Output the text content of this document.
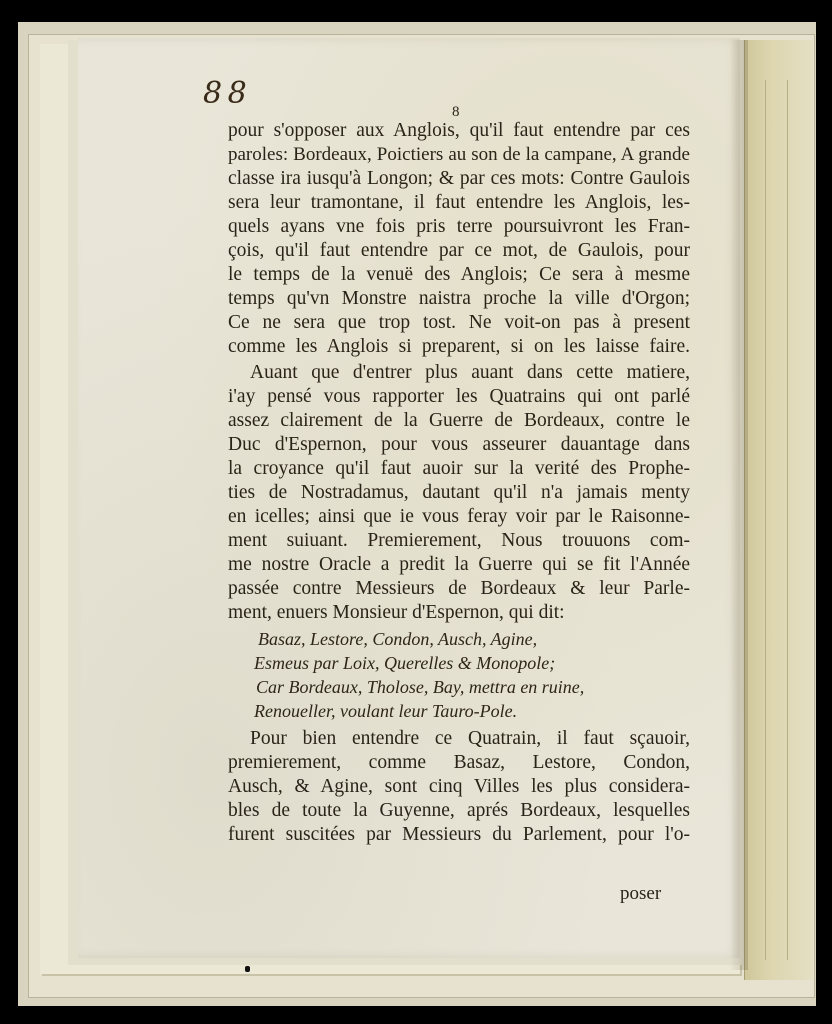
8 8
8
pour s'opposer aux Anglois, qu'il faut entendre par ces
paroles: Bordeaux, Poictiers au son de la campane, A grande
classe ira iusqu'à Longon; & par ces mots: Contre Gaulois
sera leur tramontane, il faut entendre les Anglois, les-
quels ayans vne fois pris terre poursuivront les Fran-
çois, qu'il faut entendre par ce mot, de Gaulois, pour
le temps de la venuë des Anglois; Ce sera à mesme
temps qu'vn Monstre naistra proche la ville d'Orgon;
Ce ne sera que trop tost. Ne voit-on pas à present
comme les Anglois si preparent, si on les laisse faire.
Auant que d'entrer plus auant dans cette matiere,
i'ay pensé vous rapporter les Quatrains qui ont parlé
assez clairement de la Guerre de Bordeaux, contre le
Duc d'Espernon, pour vous asseurer dauantage dans
la croyance qu'il faut auoir sur la verité des Prophe-
ties de Nostradamus, dautant qu'il n'a jamais menty
en icelles; ainsi que ie vous feray voir par le Raisonne-
ment suiuant. Premierement, Nous trouuons com-
me nostre Oracle a predit la Guerre qui se fit l'Année
passée contre Messieurs de Bordeaux & leur Parle-
ment, enuers Monsieur d'Espernon, qui dit:
Basaz, Lestore, Condon, Ausch, Agine,
Esmeus par Loix, Querelles & Monopole;
Car Bordeaux, Tholose, Bay, mettra en ruine,
Renoueller, voulant leur Tauro-Pole.
Pour bien entendre ce Quatrain, il faut sçauoir,
premierement, comme Basaz, Lestore, Condon,
Ausch, & Agine, sont cinq Villes les plus considera-
bles de toute la Guyenne, aprés Bordeaux, lesquelles
furent suscitées par Messieurs du Parlement, pour l'o-
poser
